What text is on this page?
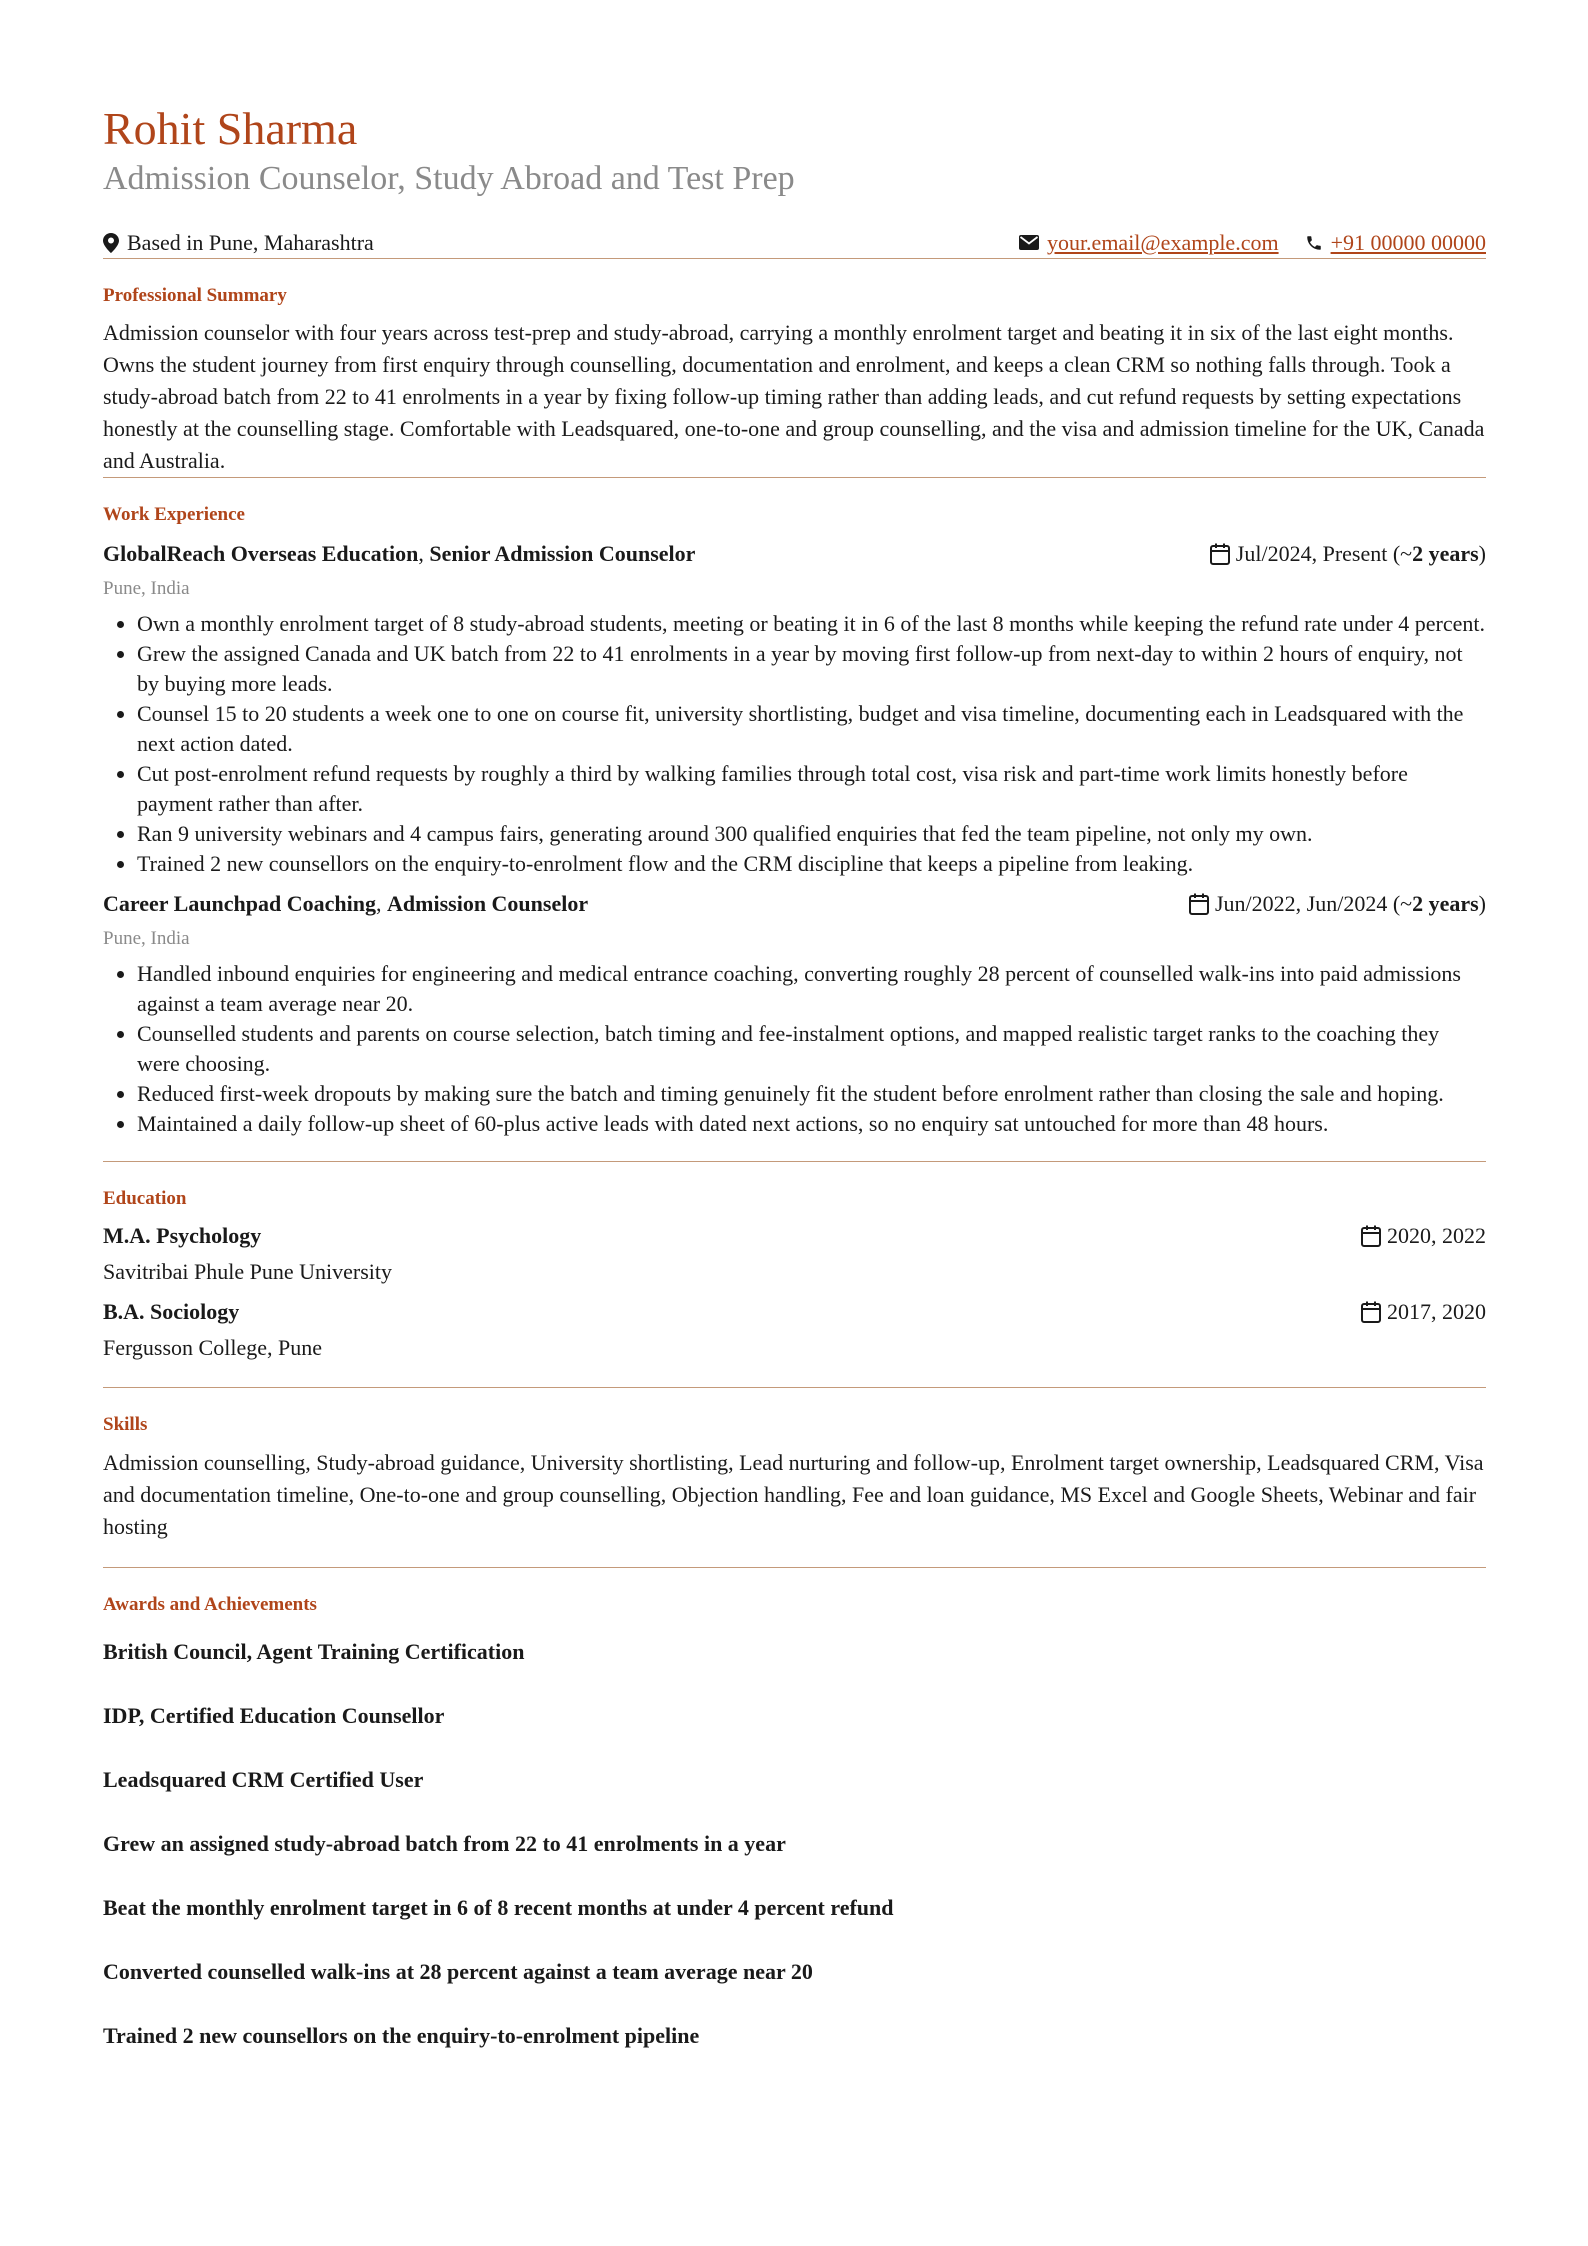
Rohit Sharma
Admission Counselor, Study Abroad and Test Prep
Based in Pune, Maharashtra	your.email@example.com +91 00000 00000
Professional Summary

Admission counselor with four years across test-prep and study-abroad, carrying a monthly enrolment target and beating it in six of the last eight months. Owns the student journey from first enquiry through counselling, documentation and enrolment, and keeps a clean CRM so nothing falls through. Took a study-abroad batch from 22 to 41 enrolments in a year by fixing follow-up timing rather than adding leads, and cut refund requests by setting expectations honestly at the counselling stage. Comfortable with Leadsquared, one-to-one and group counselling, and the visa and admission timeline for the UK, Canada and Australia.

Work Experience
GlobalReach Overseas Education, Senior Admission Counselor	Jul/2024, Present (~ 2 years )
Pune, India
• Own a monthly enrolment target of 8 study-abroad students, meeting or beating it in 6 of the last 8 months while keeping the refund rate under 4 percent.
• Grew the assigned Canada and UK batch from 22 to 41 enrolments in a year by moving first follow-up from next-day to within 2 hours of enquiry, not by buying more leads.
• Counsel 15 to 20 students a week one to one on course fit, university shortlisting, budget and visa timeline, documenting each in Leadsquared with the next action dated.
• Cut post-enrolment refund requests by roughly a third by walking families through total cost, visa risk and part-time work limits honestly before payment rather than after.
• Ran 9 university webinars and 4 campus fairs, generating around 300 qualified enquiries that fed the team pipeline, not only my own.
• Trained 2 new counsellors on the enquiry-to-enrolment flow and the CRM discipline that keeps a pipeline from leaking.
Career Launchpad Coaching, Admission Counselor	Jun/2022, Jun/2024 (~ 2 years )
Pune, India
• Handled inbound enquiries for engineering and medical entrance coaching, converting roughly 28 percent of counselled walk-ins into paid admissions against a team average near 20.
• Counselled students and parents on course selection, batch timing and fee-instalment options, and mapped realistic target ranks to the coaching they were choosing.
• Reduced first-week dropouts by making sure the batch and timing genuinely fit the student before enrolment rather than closing the sale and hoping.
• Maintained a daily follow-up sheet of 60-plus active leads with dated next actions, so no enquiry sat untouched for more than 48 hours.
Education
M.A. Psychology	2020, 2022
Savitribai Phule Pune University
B.A. Sociology	2017, 2020
Fergusson College, Pune
Skills

Admission counselling, Study-abroad guidance, University shortlisting, Lead nurturing and follow-up, Enrolment target ownership, Leadsquared CRM, Visa and documentation timeline, One-to-one and group counselling, Objection handling, Fee and loan guidance, MS Excel and Google Sheets, Webinar and fair hosting

Awards and Achievements
British Council, Agent Training Certification
IDP, Certified Education Counsellor
Leadsquared CRM Certified User
Grew an assigned study-abroad batch from 22 to 41 enrolments in a year
Beat the monthly enrolment target in 6 of 8 recent months at under 4 percent refund
Converted counselled walk-ins at 28 percent against a team average near 20
Trained 2 new counsellors on the enquiry-to-enrolment pipeline
